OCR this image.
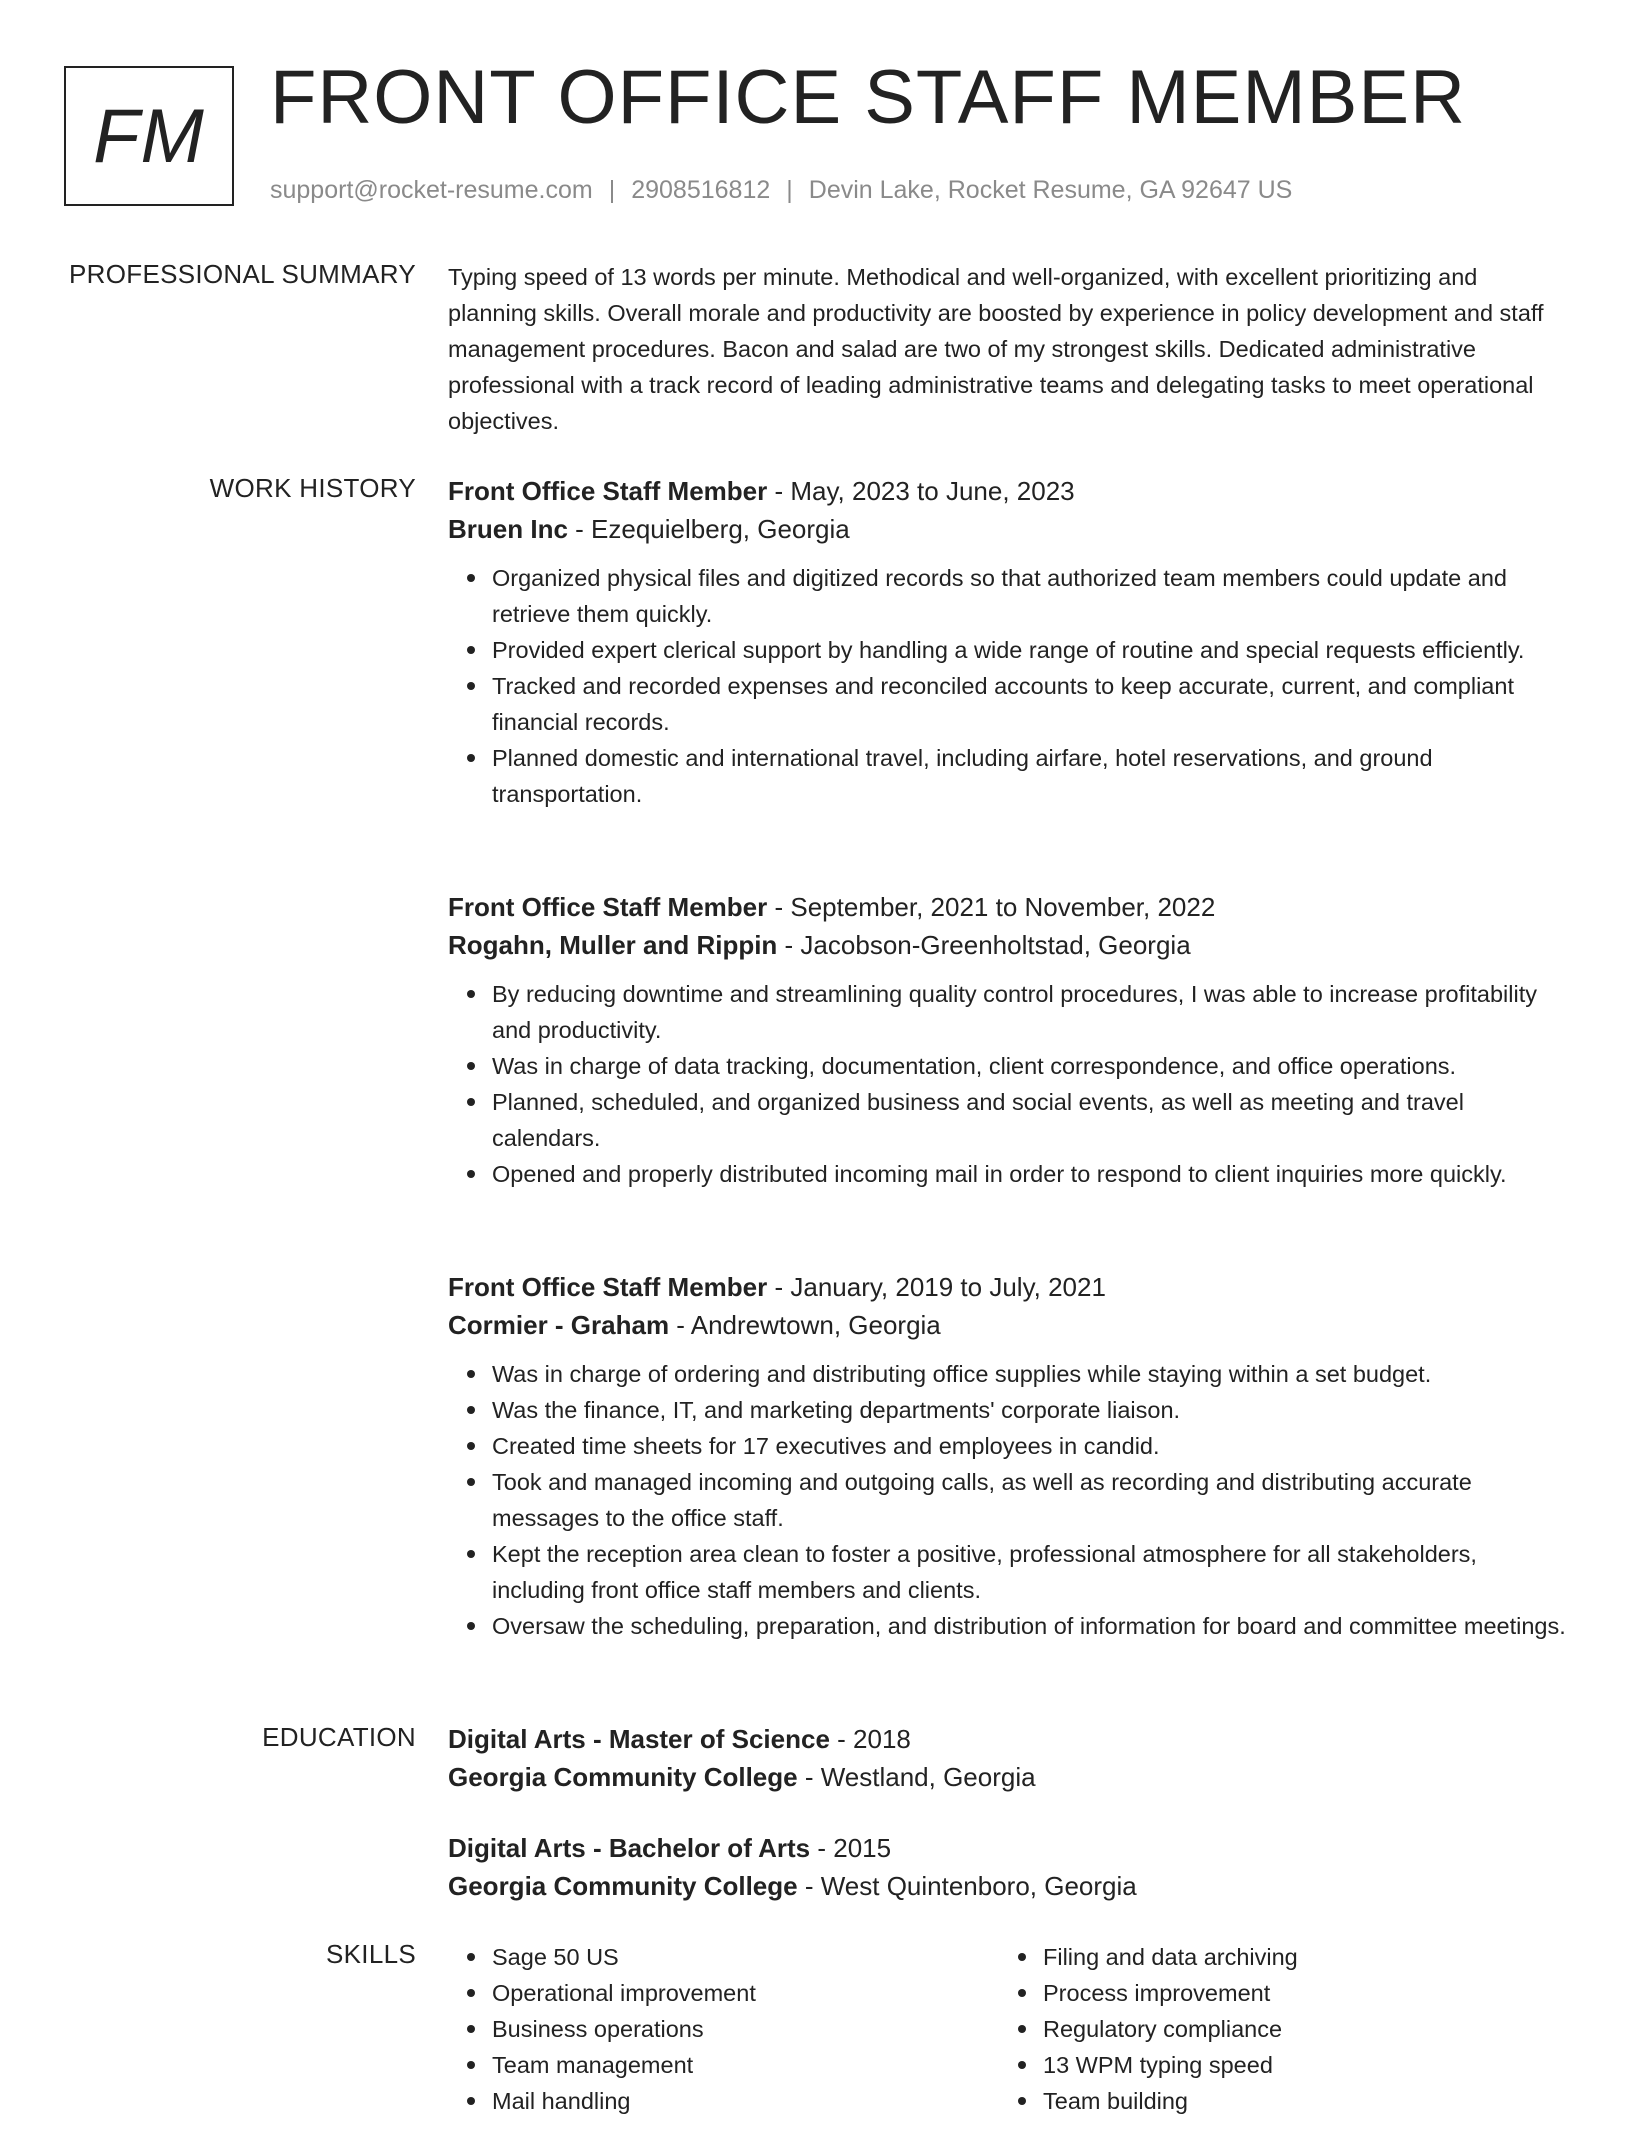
FM FRONT OFFICE STAFF MEMBER
support@rocket-resume.com | 2908516812 | Devin Lake, Rocket Resume, GA 92647 US
PROFESSIONAL SUMMARY Typing speed of 13 words per minute. Methodical and well-organized, with excellent prioritizing and planning skills. Overall morale and productivity are boosted by experience in policy development and staff management procedures. Bacon and salad are two of my strongest skills. Dedicated administrative professional with a track record of leading administrative teams and delegating tasks to meet operational objectives.

WORK HISTORY Front Office Staff Member - May, 2023 to June, 2023
Bruen Inc - Ezequielberg, Georgia
Organized physical files and digitized records so that authorized team members could update and retrieve them quickly.
Provided expert clerical support by handling a wide range of routine and special requests efficiently.
Tracked and recorded expenses and reconciled accounts to keep accurate, current, and compliant financial records.
Planned domestic and international travel, including airfare, hotel reservations, and ground transportation.
Front Office Staff Member - September, 2021 to November, 2022
Rogahn, Muller and Rippin - Jacobson-Greenholtstad, Georgia
By reducing downtime and streamlining quality control procedures, I was able to increase profitability and productivity.
Was in charge of data tracking, documentation, client correspondence, and office operations.
Planned, scheduled, and organized business and social events, as well as meeting and travel calendars.
Opened and properly distributed incoming mail in order to respond to client inquiries more quickly.
Front Office Staff Member - January, 2019 to July, 2021
Cormier - Graham - Andrewtown, Georgia
Was in charge of ordering and distributing office supplies while staying within a set budget.
Was the finance, IT, and marketing departments' corporate liaison.
Created time sheets for 17 executives and employees in candid.
Took and managed incoming and outgoing calls, as well as recording and distributing accurate messages to the office staff.
Kept the reception area clean to foster a positive, professional atmosphere for all stakeholders, including front office staff members and clients.
Oversaw the scheduling, preparation, and distribution of information for board and committee meetings.
EDUCATION Digital Arts - Master of Science - 2018
Georgia Community College - Westland, Georgia
Digital Arts - Bachelor of Arts - 2015
Georgia Community College - West Quintenboro, Georgia
SKILLS	Sage 50 US
Operational improvement
Business operations
Team management
Mail handling
Filing and data archiving
Process improvement
Regulatory compliance
13 WPM typing speed
Team building
